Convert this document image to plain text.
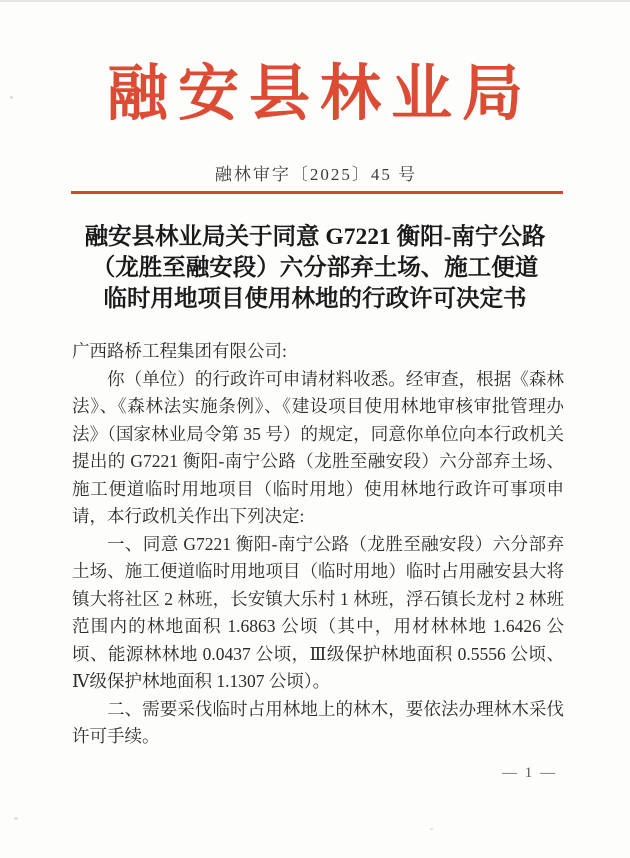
融安县林业局
融林审字〔2025〕45 号
融安县林业局关于同意 G7221 衡阳-南宁公路
（龙胜至融安段）六分部弃土场、施工便道
临时用地项目使用林地的行政许可决定书

广西路桥工程集团有限公司:

你（单位）的行政许可申请材料收悉。经审查，根据《森林法》、《森林法实施条例》、《建设项目使用林地审核审批管理办法》（国家林业局令第 35 号）的规定，同意你单位向本行政机关提出的 G7221 衡阳-南宁公路（龙胜至融安段）六分部弃土场、施工便道临时用地项目（临时用地）使用林地行政许可事项申请，本行政机关作出下列决定:

一、同意 G7221 衡阳-南宁公路（龙胜至融安段）六分部弃土场、施工便道临时用地项目（临时用地）临时占用融安县大将镇大将社区 2 林班，长安镇大乐村 1 林班，浮石镇长龙村 2 林班范围内的林地面积 1.6863 公顷（其中，用材林林地 1.6426 公顷、能源林林地 0.0437 公顷，Ⅲ级保护林地面积 0.5556 公顷、Ⅳ级保护林地面积 1.1307 公顷）。

二、需要采伐临时占用林地上的林木，要依法办理林木采伐许可手续。

— 1 —
